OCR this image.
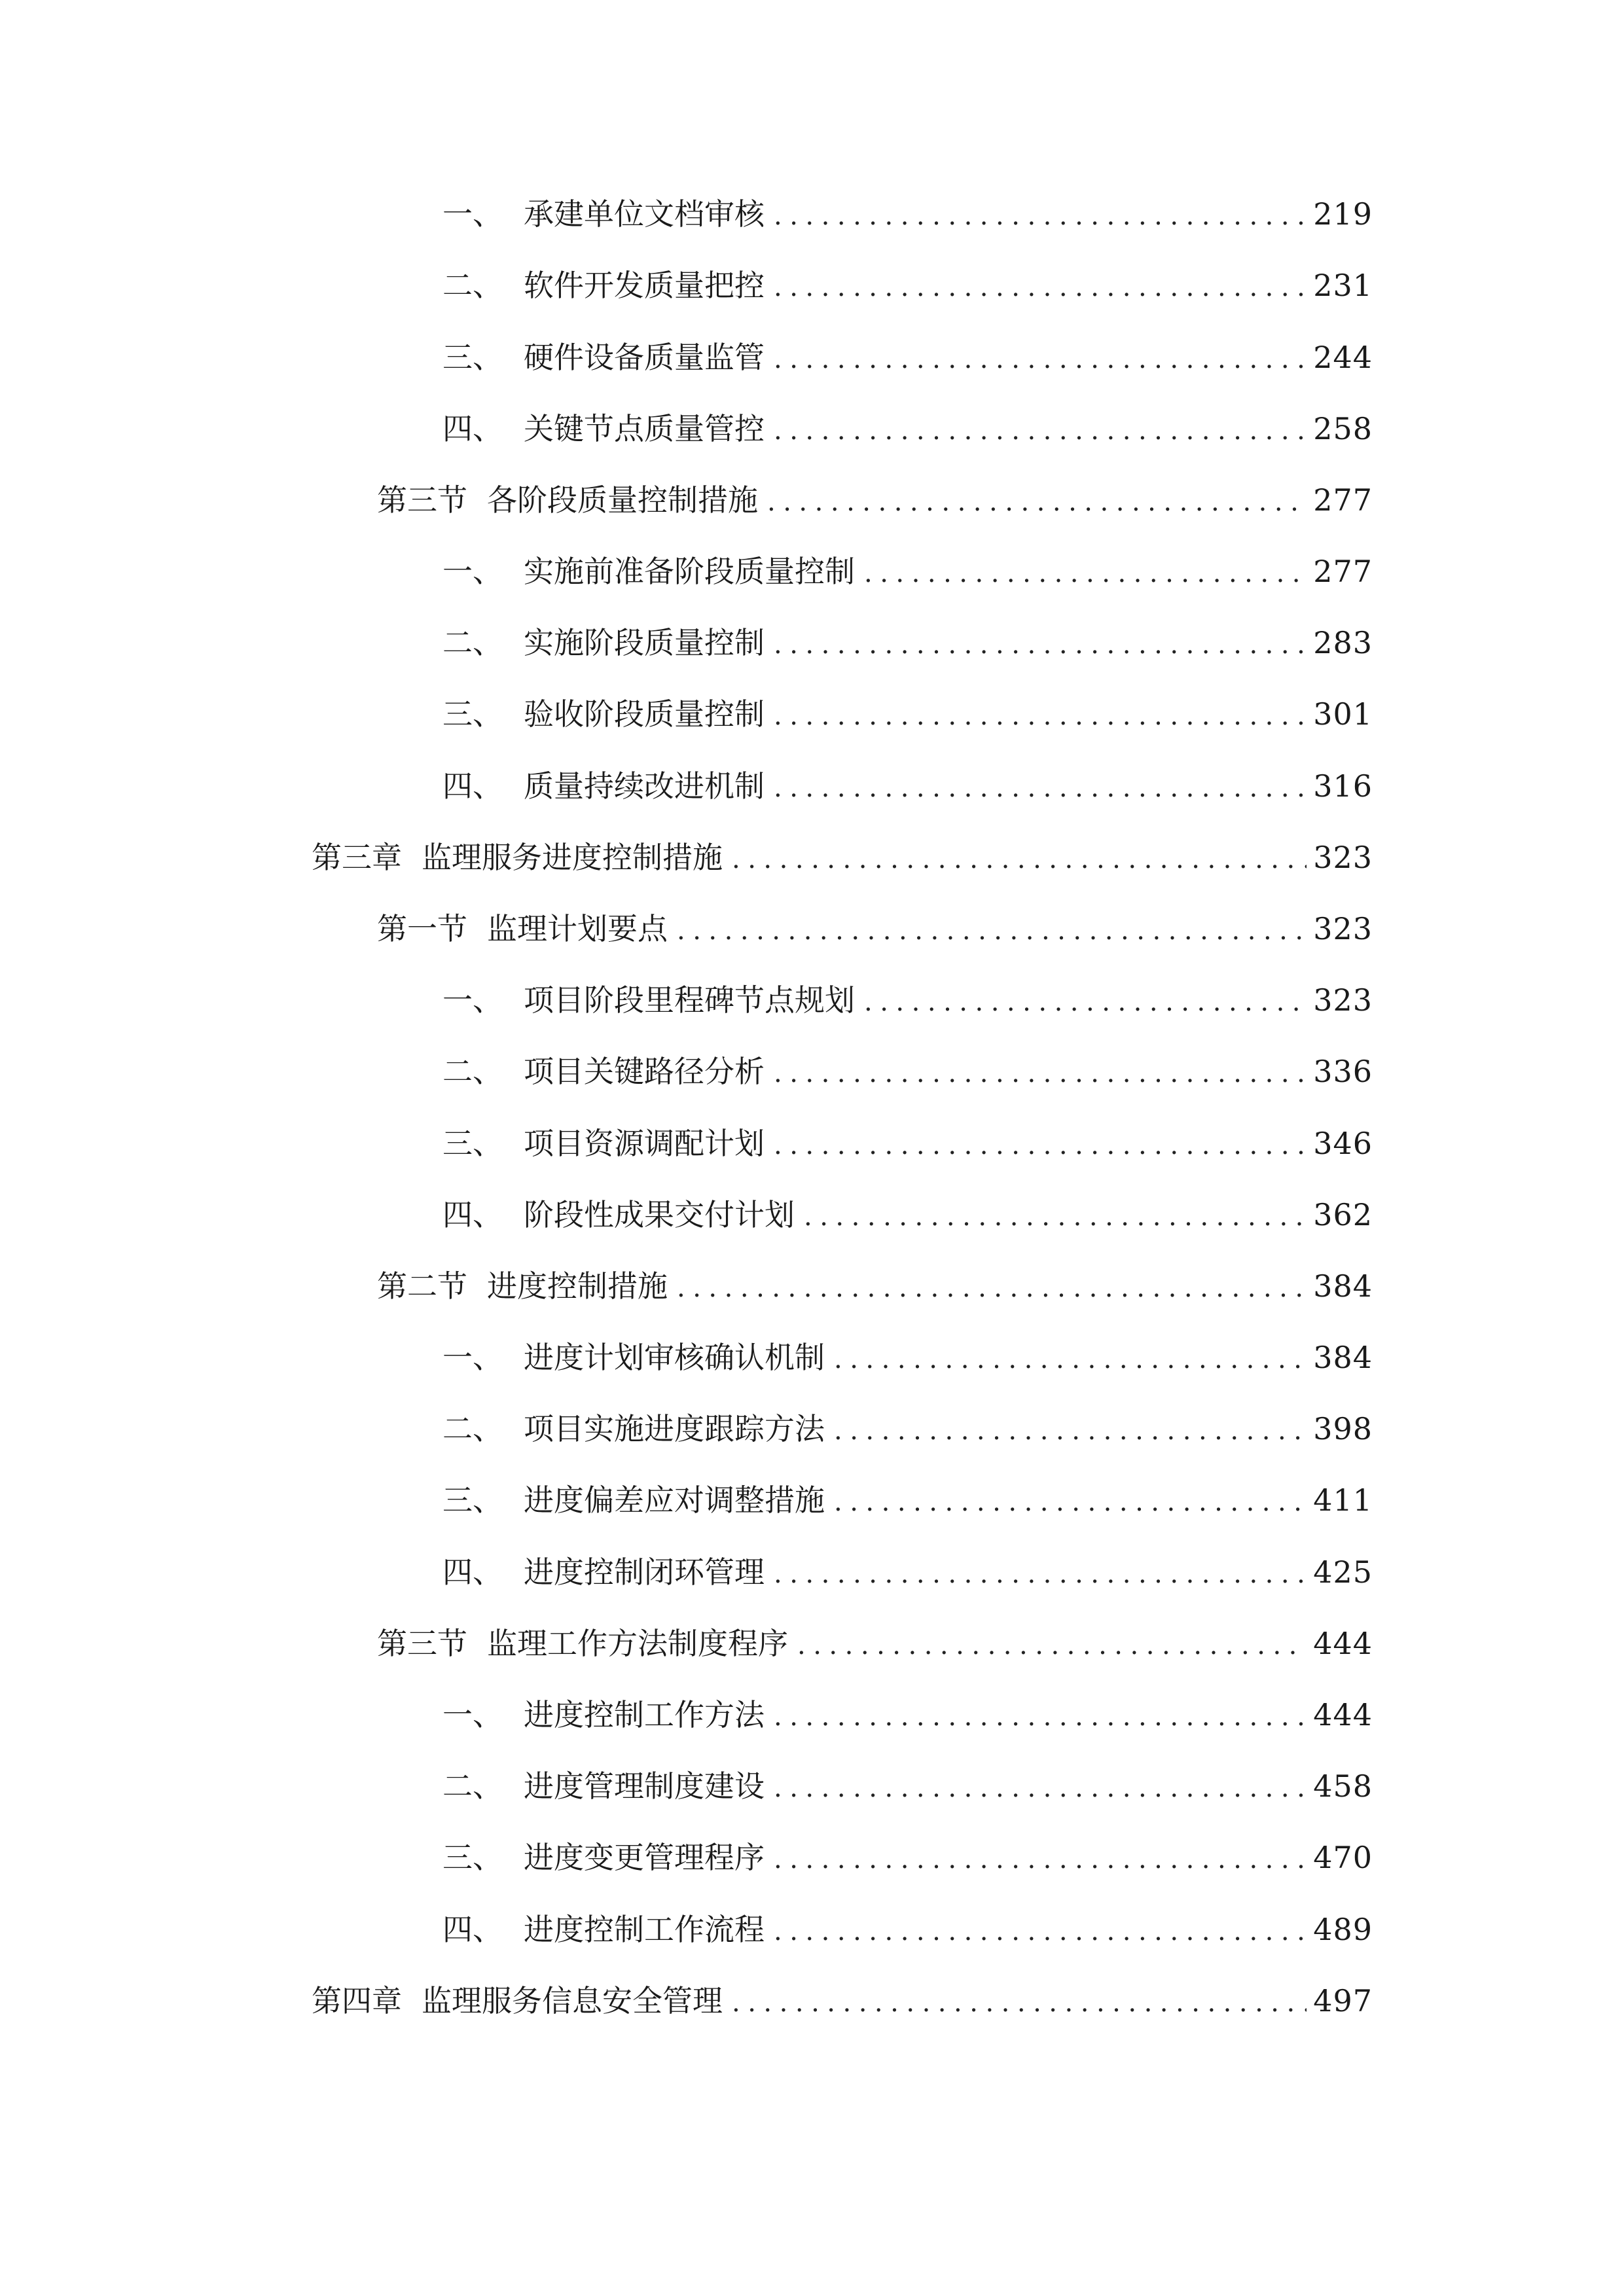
一、 承建单位文档审核 .....	219
二、 软件开发质量把控 .....	231
三、 硬件设备质量监管 .....	244
四、 关键节点质量管控 .....	258
第三节 各阶段质量控制措施 .....	277
一、 实施前准备阶段质量控制 .....	277
二、 实施阶段质量控制 .....	283
三、 验收阶段质量控制 .....	301
四、 质量持续改进机制 .....	316
第三章 监理服务进度控制措施 .....	323
第一节 监理计划要点 .....	323
一、 项目阶段里程碑节点规划 .....	323
二、 项目关键路径分析 .....	336
三、 项目资源调配计划 .....	346
四、 阶段性成果交付计划 .....	362
第二节 进度控制措施 .....	384
一、 进度计划审核确认机制 .....	384
二、 项目实施进度跟踪方法 .....	398
三、 进度偏差应对调整措施 .....	411
四、 进度控制闭环管理 .....	425
第三节 监理工作方法制度程序 .....	444
一、 进度控制工作方法 .....	444
二、 进度管理制度建设 .....	458
三、 进度变更管理程序 .....	470
四、 进度控制工作流程 .....	489
第四章 监理服务信息安全管理 .....	497
